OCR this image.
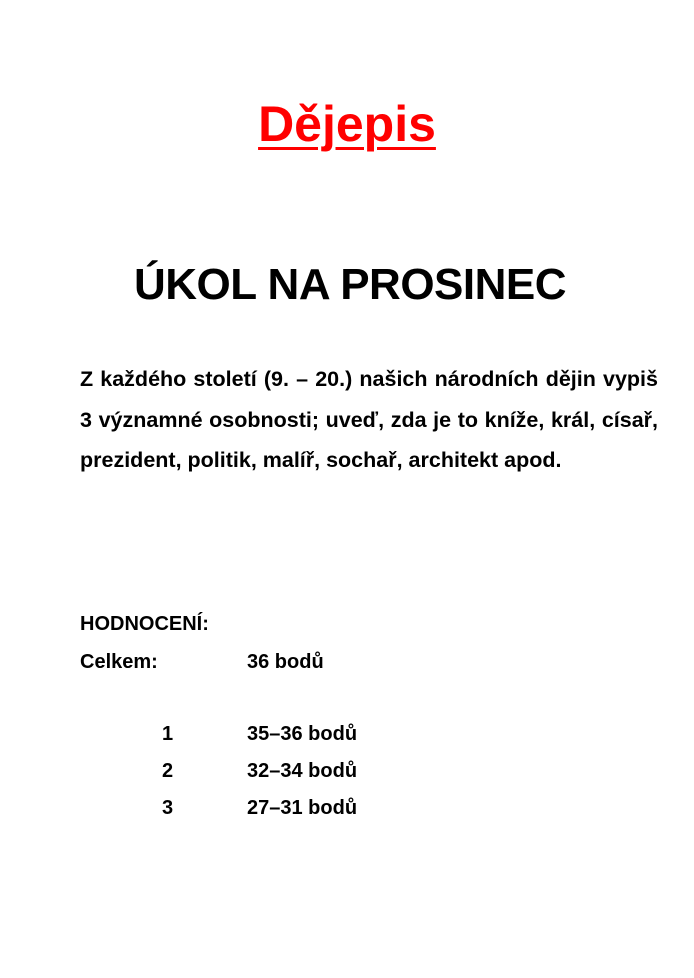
Dějepis
ÚKOL NA PROSINEC
Z každého století (9. – 20.) našich národních dějin vypiš 3 významné osobnosti; uveď, zda je to kníže, král, císař, prezident, politik, malíř, sochař, architekt apod.
HODNOCENÍ:
Celkem:	36 bodů
1	35–36 bodů
2	32–34 bodů
3	27–31 bodů
